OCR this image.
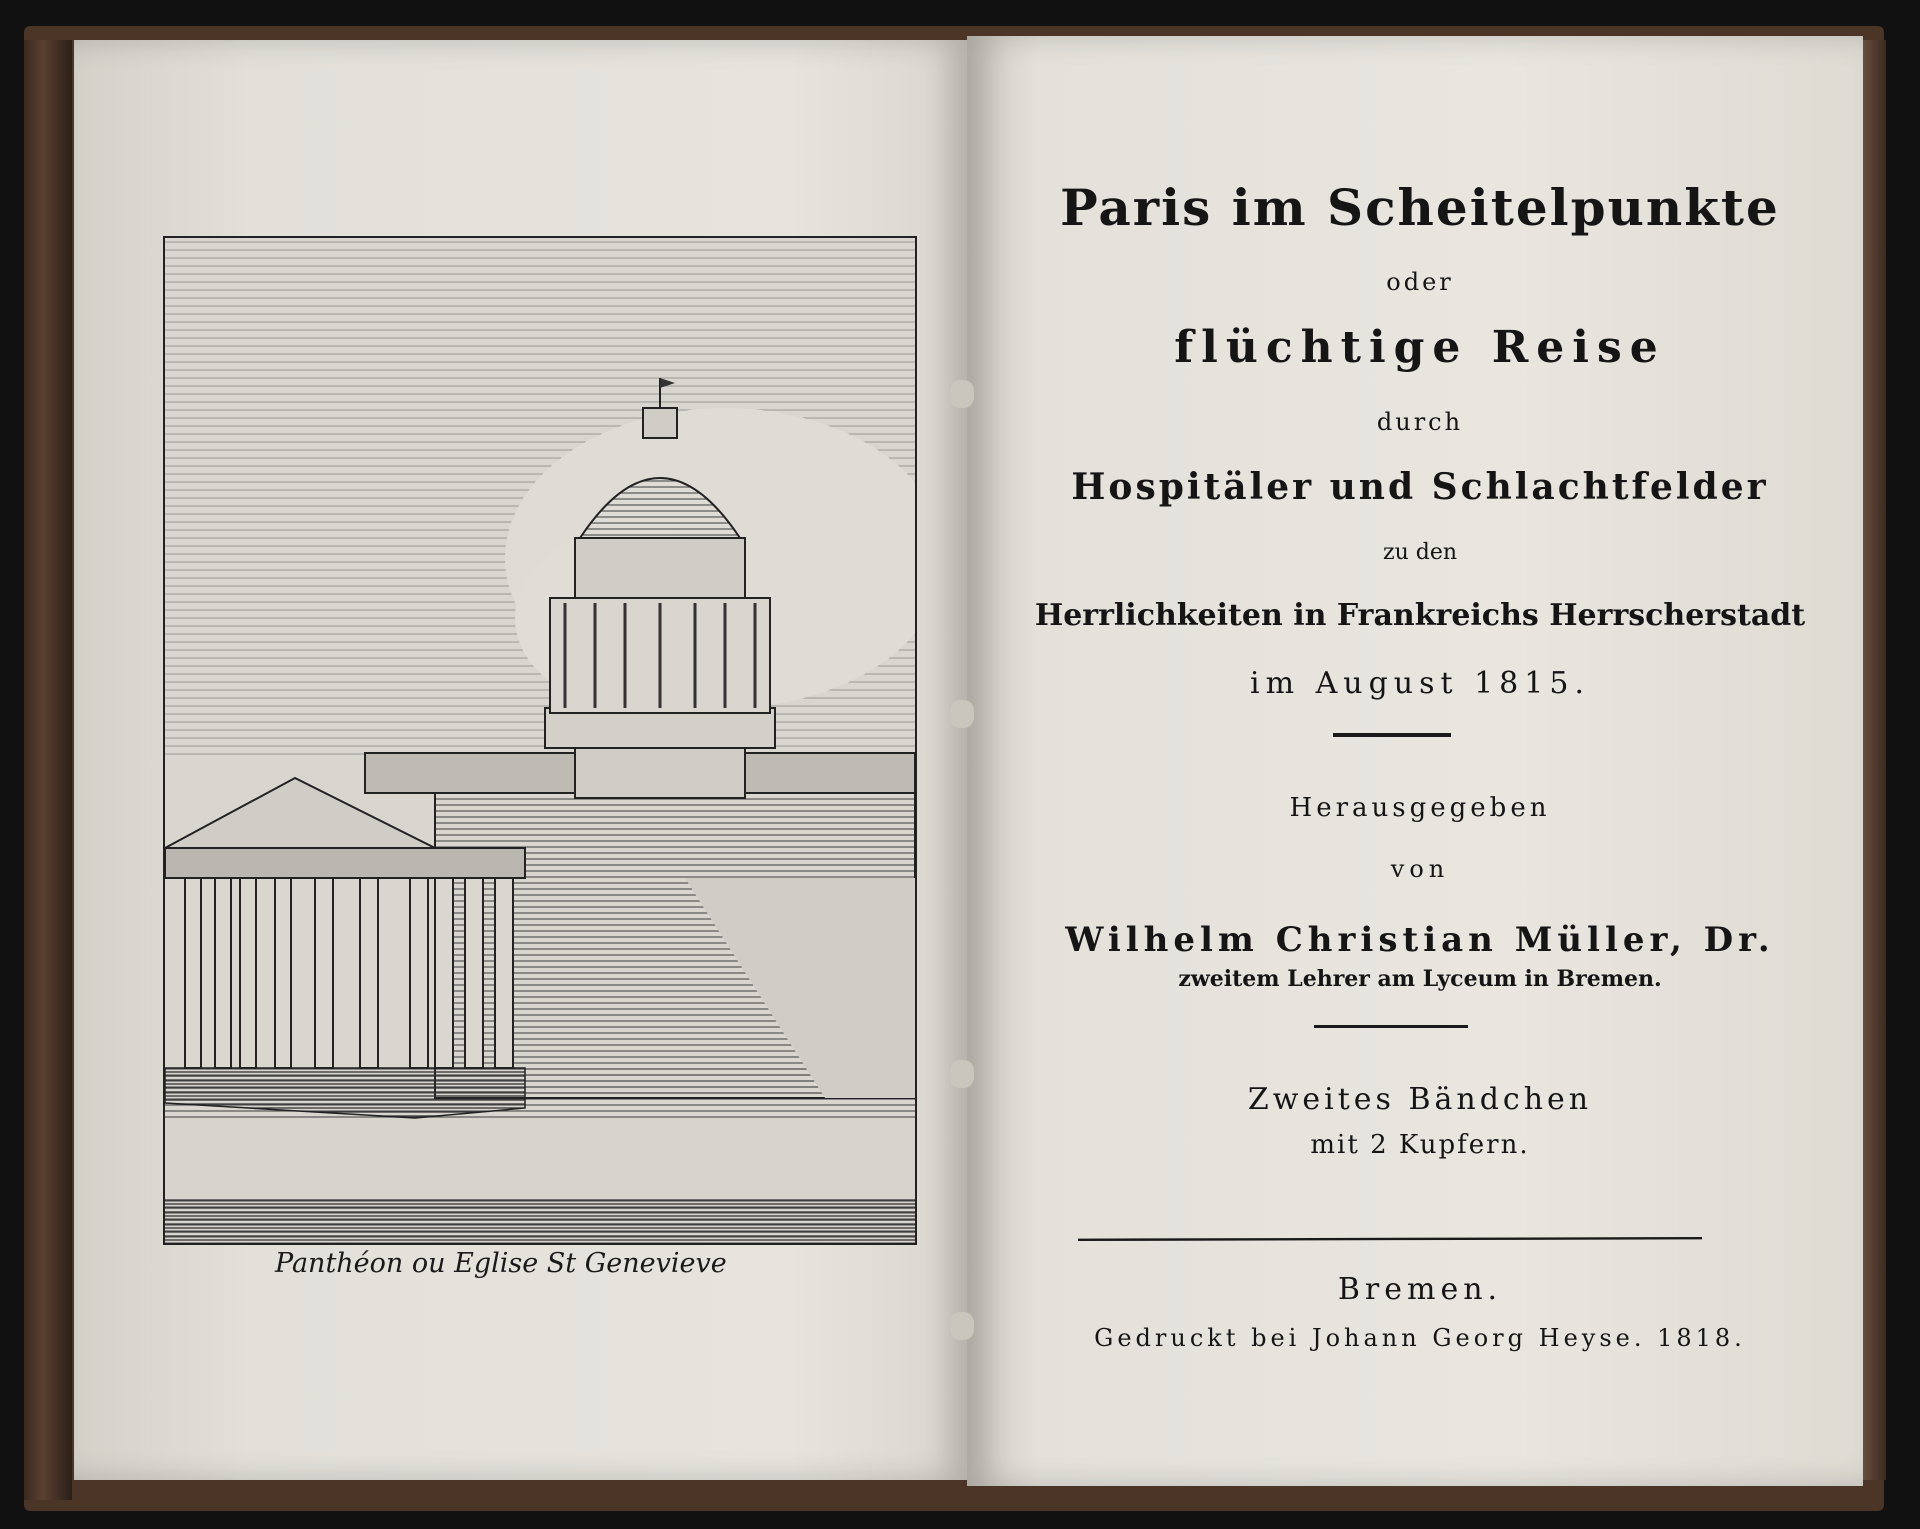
Panthéon ou Eglise St Genevieve
Paris im Scheitelpunkte
oder
flüchtige Reise
durch
Hospitäler und Schlachtfelder
zu den
Herrlichkeiten in Frankreichs Herrscherstadt
im August 1815.
Herausgegeben
von
Wilhelm Christian Müller, Dr.
zweitem Lehrer am Lyceum in Bremen.
Zweites Bändchen
mit 2 Kupfern.
Bremen.
Gedruckt bei Johann Georg Heyse. 1818.
